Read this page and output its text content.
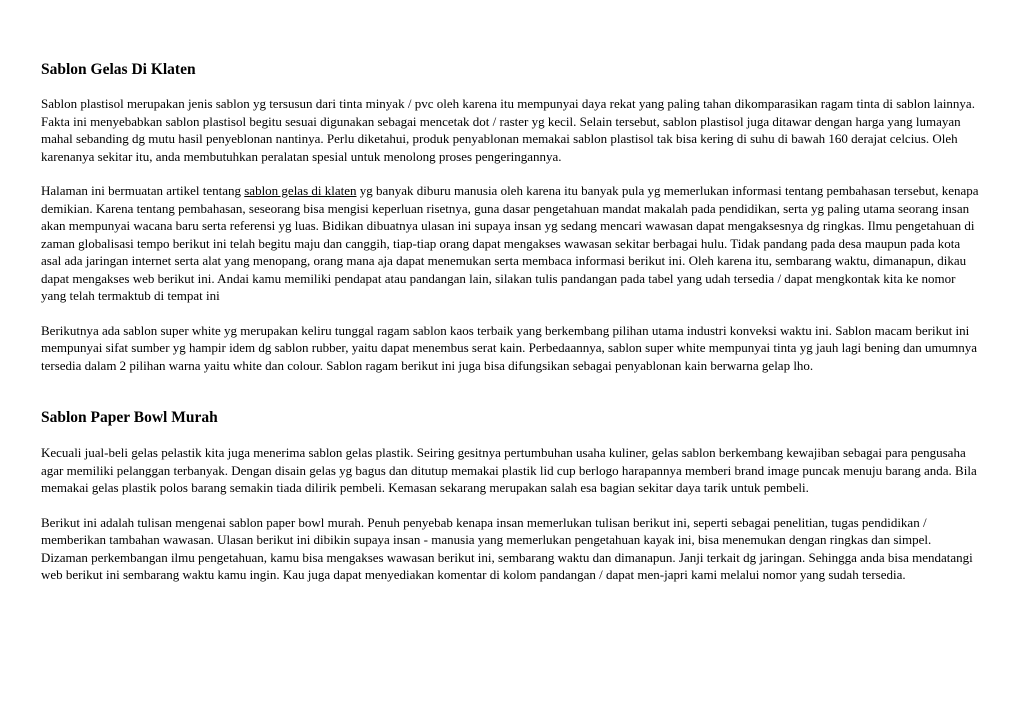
Sablon Gelas Di Klaten

Sablon plastisol merupakan jenis sablon yg tersusun dari tinta minyak / pvc oleh karena itu mempunyai daya rekat yang paling tahan dikomparasikan ragam tinta di sablon lainnya. Fakta ini menyebabkan sablon plastisol begitu sesuai digunakan sebagai mencetak dot / raster yg kecil. Selain tersebut, sablon plastisol juga ditawar dengan harga yang lumayan mahal sebanding dg mutu hasil penyeblonan nantinya. Perlu diketahui, produk penyablonan memakai sablon plastisol tak bisa kering di suhu di bawah 160 derajat celcius. Oleh karenanya sekitar itu, anda membutuhkan peralatan spesial untuk menolong proses pengeringannya.

Halaman ini bermuatan artikel tentang sablon gelas di klaten yg banyak diburu manusia oleh karena itu banyak pula yg memerlukan informasi tentang pembahasan tersebut, kenapa demikian. Karena tentang pembahasan, seseorang bisa mengisi keperluan risetnya, guna dasar pengetahuan mandat makalah pada pendidikan, serta yg paling utama seorang insan akan mempunyai wacana baru serta referensi yg luas. Bidikan dibuatnya ulasan ini supaya insan yg sedang mencari wawasan dapat mengaksesnya dg ringkas. Ilmu pengetahuan di zaman globalisasi tempo berikut ini telah begitu maju dan canggih, tiap-tiap orang dapat mengakses wawasan sekitar berbagai hulu. Tidak pandang pada desa maupun pada kota asal ada jaringan internet serta alat yang menopang, orang mana aja dapat menemukan serta membaca informasi berikut ini. Oleh karena itu, sembarang waktu, dimanapun, dikau dapat mengakses web berikut ini. Andai kamu memiliki pendapat atau pandangan lain, silakan tulis pandangan pada tabel yang udah tersedia / dapat mengkontak kita ke nomor yang telah termaktub di tempat ini

Berikutnya ada sablon super white yg merupakan keliru tunggal ragam sablon kaos terbaik yang berkembang pilihan utama industri konveksi waktu ini. Sablon macam berikut ini mempunyai sifat sumber yg hampir idem dg sablon rubber, yaitu dapat menembus serat kain. Perbedaannya, sablon super white mempunyai tinta yg jauh lagi bening dan umumnya tersedia dalam 2 pilihan warna yaitu white dan colour. Sablon ragam berikut ini juga bisa difungsikan sebagai penyablonan kain berwarna gelap lho.

Sablon Paper Bowl Murah

Kecuali jual-beli gelas pelastik kita juga menerima sablon gelas plastik. Seiring gesitnya pertumbuhan usaha kuliner, gelas sablon berkembang kewajiban sebagai para pengusaha agar memiliki pelanggan terbanyak. Dengan disain gelas yg bagus dan ditutup memakai plastik lid cup berlogo harapannya memberi brand image puncak menuju barang anda. Bila memakai gelas plastik polos barang semakin tiada dilirik pembeli. Kemasan sekarang merupakan salah esa bagian sekitar daya tarik untuk pembeli.

Berikut ini adalah tulisan mengenai sablon paper bowl murah. Penuh penyebab kenapa insan memerlukan tulisan berikut ini, seperti sebagai penelitian, tugas pendidikan / memberikan tambahan wawasan. Ulasan berikut ini dibikin supaya insan - manusia yang memerlukan pengetahuan kayak ini, bisa menemukan dengan ringkas dan simpel. Dizaman perkembangan ilmu pengetahuan, kamu bisa mengakses wawasan berikut ini, sembarang waktu dan dimanapun. Janji terkait dg jaringan. Sehingga anda bisa mendatangi web berikut ini sembarang waktu kamu ingin. Kau juga dapat menyediakan komentar di kolom pandangan / dapat men-japri kami melalui nomor yang sudah tersedia.
